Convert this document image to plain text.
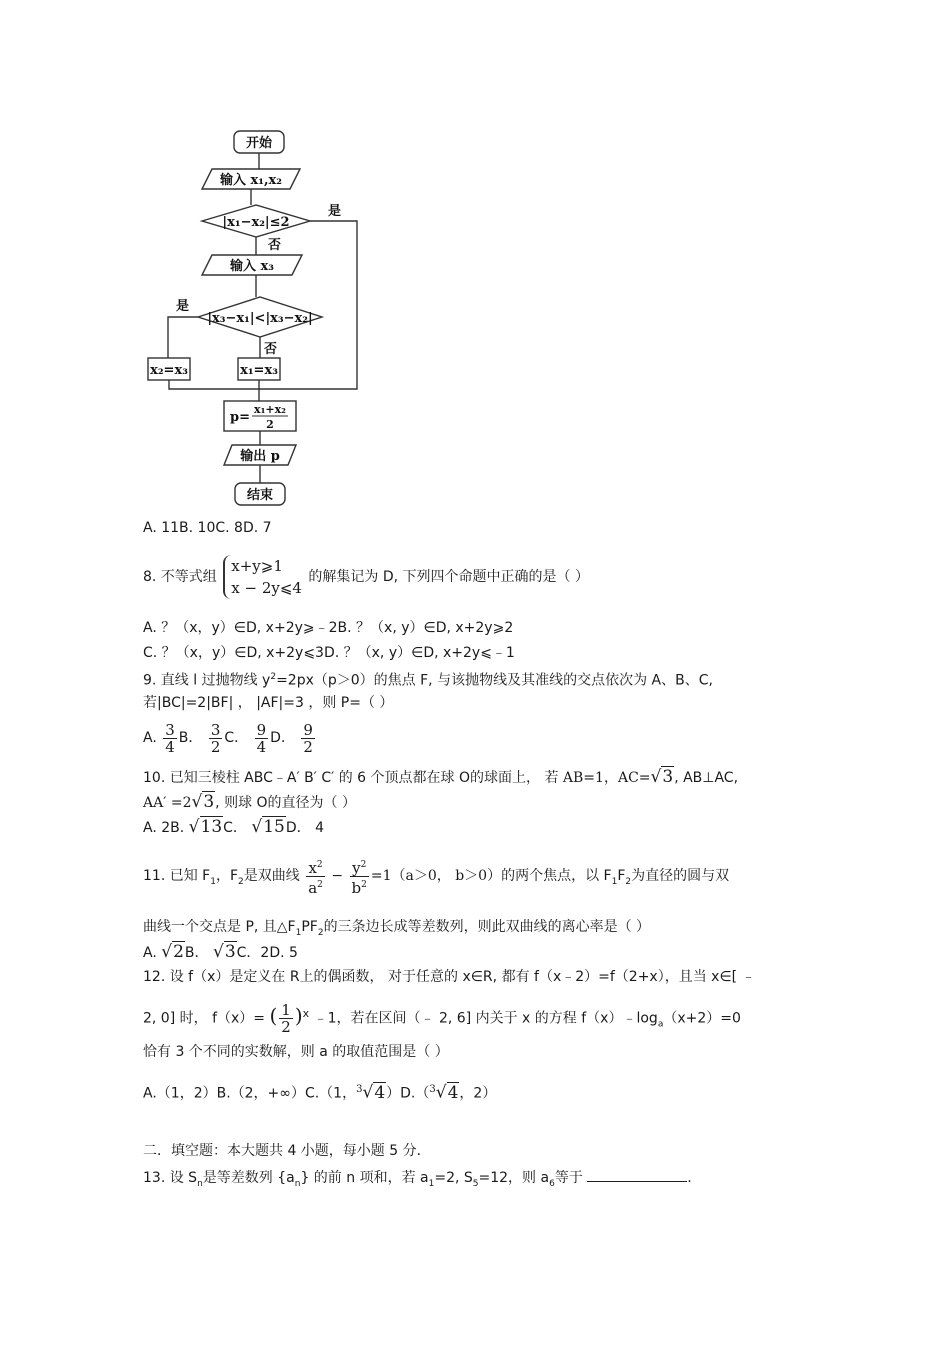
开始
输入 x₁,x₂
|x₁−x₂|≤2
是
否
输入 x₃
|x₃−x₁|<|x₃−x₂|
是
否
x₂=x₃	x₁=x₃
p=
x₁+x₂
2
输出 p
结束
A. 11B. 10C. 8D. 7
8. 不等式组
x+y⩾1
x − 2y⩽4
的解集记为 D, 下列四个命题中正确的是（ ）
A. ？（x，y）∈D, x+2y⩾﹣2B. ？（x, y）∈D, x+2y⩾2
C. ？（x，y）∈D, x+2y⩽3D. ？（x, y）∈D, x+2y⩽﹣1
9. 直线 l 过抛物线 $y^2=2px(p>0)$的焦点 F, 与该抛物线及其准线的交点依次为 A、B、C,
若|BC|=2|BF| ， |AF|=3 ，则 P=（ ）
A. $\frac{3}{4}$ B． $\frac{3}{2}$ C． $\frac{9}{4}$ D． $\frac{9}{2}$
10. 已知三棱柱 ABC﹣A′ B′ C′ 的 6 个顶点都在球 O的球面上， 若 AB=1，AC=√3, AB⊥AC,
AA′ =2√3, 则球 O的直径为（ ）
A. 2B. √13C． √15D． 4
11. 已知 $F_1$，$F_2$是双曲线 $\frac{x^2}{a^2} - \frac{y^2}{b^2} =1(a>0$， b＞0）的两个焦点，以 $F_1F_2$为直径的圆与双
曲线一个交点是 P, 且$\triangle F_1PF_2$的三条边长成等差数列，则此双曲线的离心率是（ ）
A. √2B． √3C．2D. 5
12. 设 f（x）是定义在 R上的偶函数， 对于任意的 x∈R, 都有 f（x﹣2）=f（2+x），且当 x∈[ ﹣
2, 0] 时， f（x）= ( $\frac{1}{2} )^x$ ﹣1，若在区间（﹣ 2, 6] 内关于 x 的方程 $f(x)﹣\log_a(x+2)=0$
恰有 3 个不同的实数解，则 a 的取值范围是（ ）
A.（1，2）B.（2，+∞）C.（1，$^3$√4）D.（$^3$√4，2）
二．填空题：本大题共 4 小题，每小题 5 分．
13. 设 $S_n$是等差数列 $\{a_n\}$ 的前 n 项和，若 $a_1=2$, $S_5=12$，则 $a_6$等于	.
